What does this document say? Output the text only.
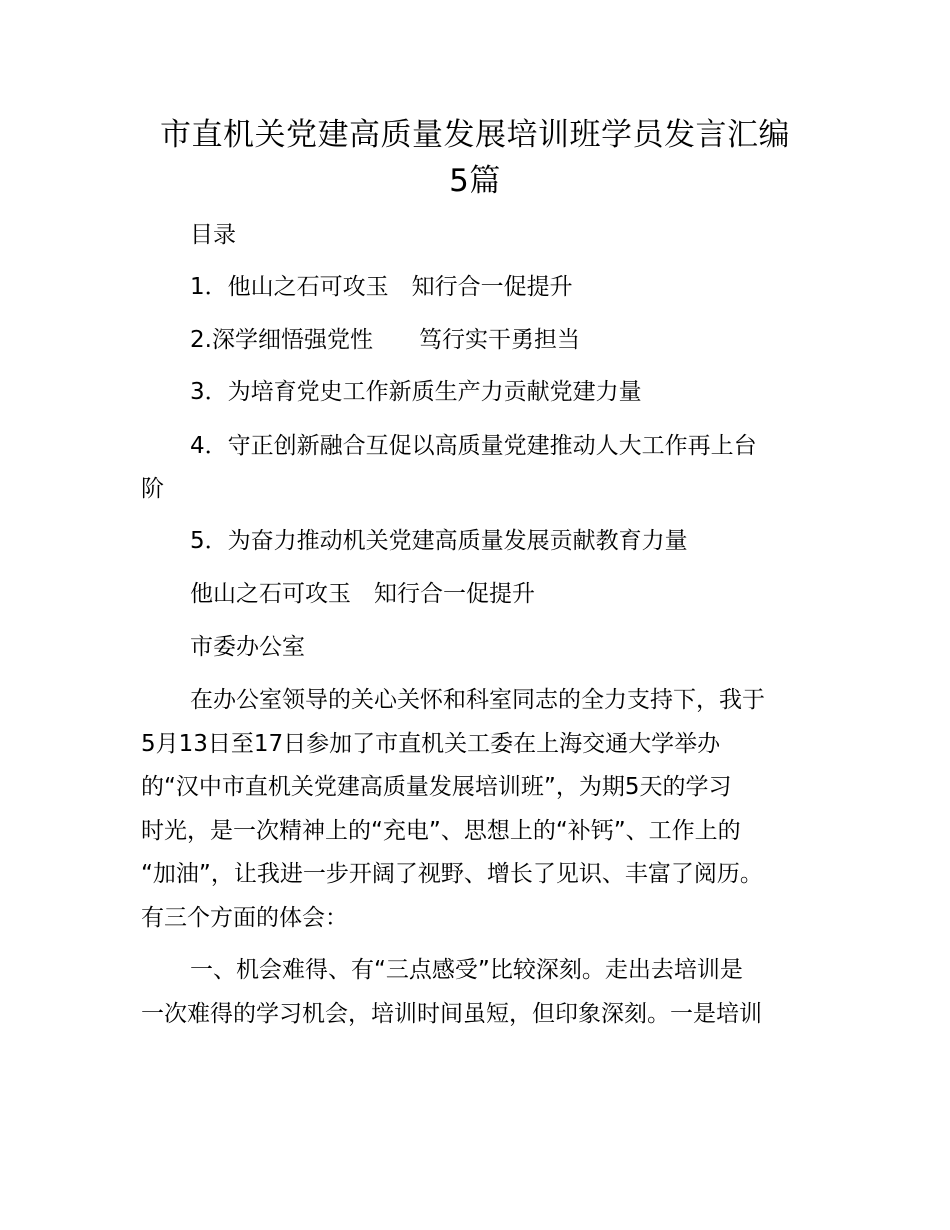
市直机关党建高质量发展培训班学员发言汇编
5篇
目录
1．他山之石可攻玉　知行合一促提升
2.深学细悟强党性　　笃行实干勇担当
3．为培育党史工作新质生产力贡献党建力量
4．守正创新融合互促以高质量党建推动人大工作再上台
阶
5．为奋力推动机关党建高质量发展贡献教育力量
他山之石可攻玉　知行合一促提升
市委办公室
在办公室领导的关心关怀和科室同志的全力支持下，我于
5月13日至17日参加了市直机关工委在上海交通大学举办
的“汉中市直机关党建高质量发展培训班”，为期5天的学习
时光，是一次精神上的“充电”、思想上的“补钙”、工作上的
“加油”，让我进一步开阔了视野、增长了见识、丰富了阅历。
有三个方面的体会：
一、机会难得、有“三点感受”比较深刻。走出去培训是
一次难得的学习机会，培训时间虽短，但印象深刻。一是培训
